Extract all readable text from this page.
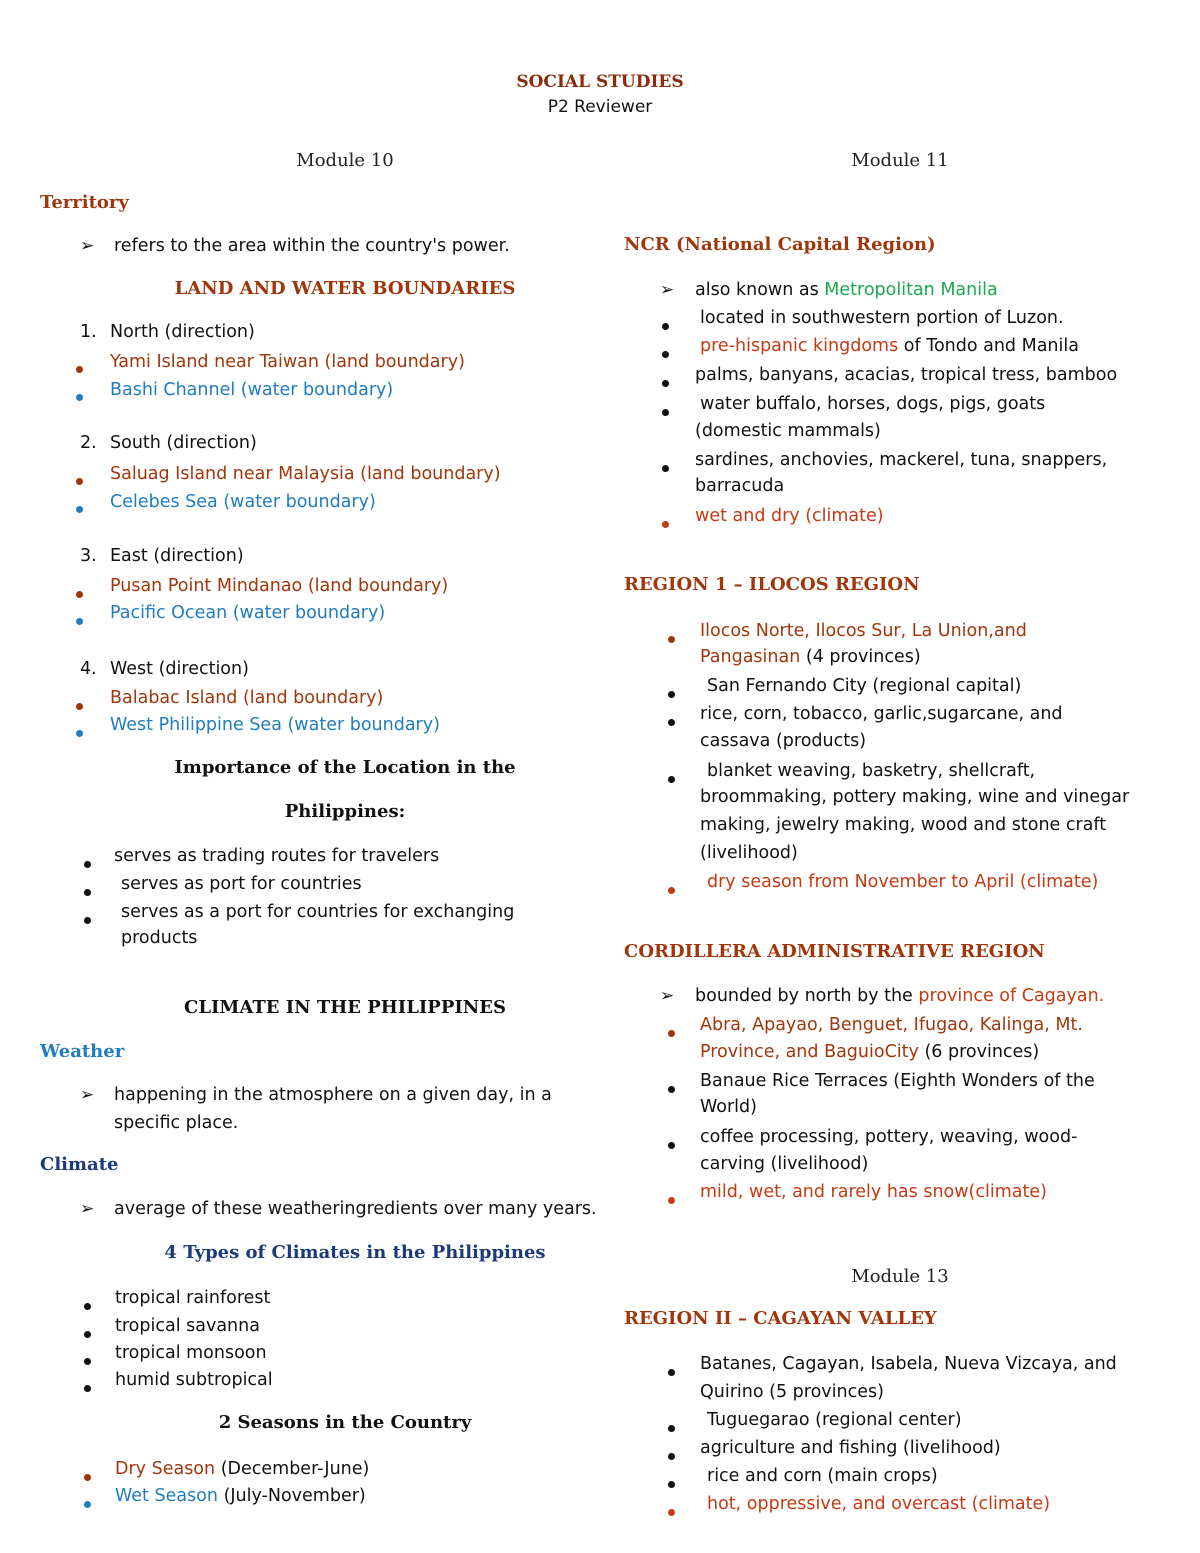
SOCIAL STUDIES
P2 Reviewer
Module 10
Territory
➢ refers to the area within the country's power.
LAND AND WATER BOUNDARIES
1. North (direction)
Yami Island near Taiwan (land boundary)
Bashi Channel (water boundary)
2. South (direction)
Saluag Island near Malaysia (land boundary)
Celebes Sea (water boundary)
3. East (direction)
Pusan Point Mindanao (land boundary)
Pacific Ocean (water boundary)
4. West (direction)
Balabac Island (land boundary)
West Philippine Sea (water boundary)
Importance of the Location in the
Philippines:
serves as trading routes for travelers
serves as port for countries
serves as a port for countries for exchanging
products
CLIMATE IN THE PHILIPPINES
Weather
➢ happening in the atmosphere on a given day, in a
specific place.
Climate
➢ average of these weatheringredients over many years.
4 Types of Climates in the Philippines
tropical rainforest
tropical savanna
tropical monsoon
humid subtropical
2 Seasons in the Country
Dry Season (December-June)
Wet Season (July-November)
Module 11
NCR (National Capital Region)
➢ also known as Metropolitan Manila
located in southwestern portion of Luzon.
pre-hispanic kingdoms of Tondo and Manila
palms, banyans, acacias, tropical tress, bamboo
water buffalo, horses, dogs, pigs, goats
(domestic mammals)
sardines, anchovies, mackerel, tuna, snappers,
barracuda
wet and dry (climate)
REGION 1 – ILOCOS REGION
Ilocos Norte, Ilocos Sur, La Union,and
Pangasinan (4 provinces)
San Fernando City (regional capital)
rice, corn, tobacco, garlic,sugarcane, and
cassava (products)
blanket weaving, basketry, shellcraft,
broommaking, pottery making, wine and vinegar
making, jewelry making, wood and stone craft
(livelihood)
dry season from November to April (climate)
CORDILLERA ADMINISTRATIVE REGION
➢ bounded by north by the province of Cagayan.
Abra, Apayao, Benguet, Ifugao, Kalinga, Mt.
Province, and BaguioCity (6 provinces)
Banaue Rice Terraces (Eighth Wonders of the
World)
coffee processing, pottery, weaving, wood-
carving (livelihood)
mild, wet, and rarely has snow(climate)
Module 13
REGION II – CAGAYAN VALLEY
Batanes, Cagayan, Isabela, Nueva Vizcaya, and
Quirino (5 provinces)
Tuguegarao (regional center)
agriculture and fishing (livelihood)
rice and corn (main crops)
hot, oppressive, and overcast (climate)
